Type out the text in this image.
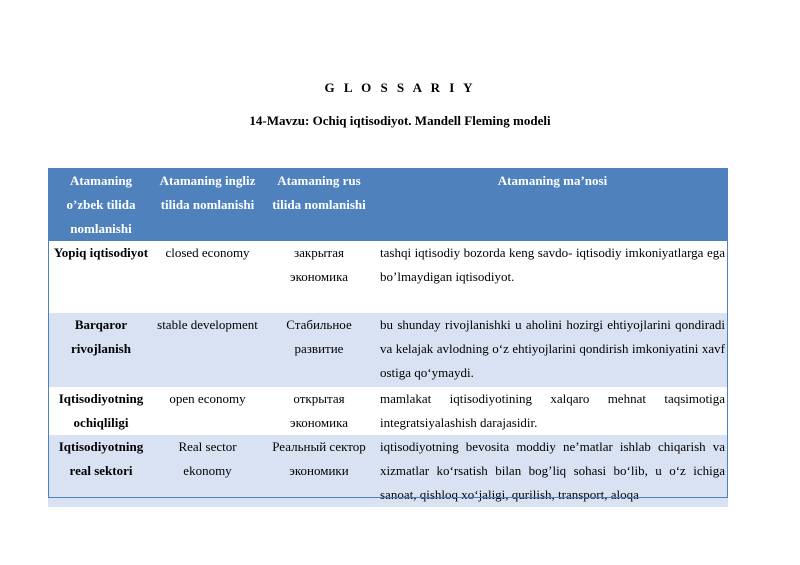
G L O S S A R I Y
14-Mavzu: Ochiq iqtisodiyot. Mandell Fleming modeli
Atamaning o’zbek tilida nomlanishi	Atamaning ingliz tilida nomlanishi	Atamaning rus tilida nomlanishi	Atamaning ma’nosi
Yopiq iqtisodiyot	closed economy	закрытая экономика	tashqi iqtisodiy bozorda keng savdo- iqtisodiy imkoniyatlarga ega bo’lmaydigan iqtisodiyot.
Barqaror rivojlanish	stable development	Стабильное развитие	bu shunday rivojlanishki u aholini hozirgi ehtiyojlarini qondiradi va kelajak avlodning o‘z ehtiyojlarini qondirish imkoniyatini xavf ostiga qo‘ymaydi.
Iqtisodiyotning ochiqliligi	open economy	открытая экономика	mamlakat iqtisodiyotining xalqaro mehnat taqsimotiga integratsiyalashish darajasidir.
Iqtisodiyotning real sektori	Real sector ekonomy	Реальный сектор экономики	iqtisodiyotning bevosita moddiy ne’matlar ishlab chiqarish va xizmatlar ko‘rsatish bilan bog’liq sohasi bo‘lib, u o‘z ichiga sanoat, qishloq xo‘jaligi, qurilish, transport, aloqa
